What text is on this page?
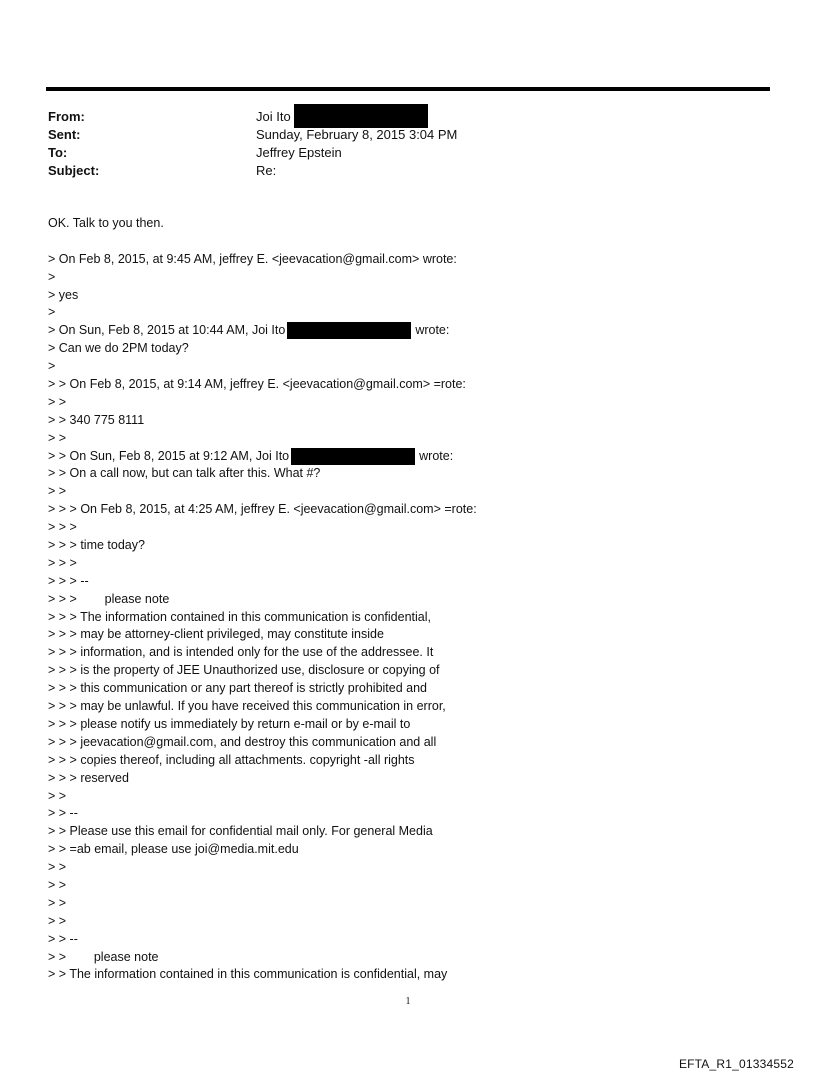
From:	Joi Ito
Sent:	Sunday, February 8, 2015 3:04 PM
To:	Jeffrey Epstein
Subject:	Re:
OK. Talk to you then.
> On Feb 8, 2015, at 9:45 AM, jeffrey E. <jeevacation@gmail.com> wrote:
>
> yes
>
> On Sun, Feb 8, 2015 at 10:44 AM, Joi Ito	wrote:
> Can we do 2PM today?
>
> > On Feb 8, 2015, at 9:14 AM, jeffrey E. <jeevacation@gmail.com> =rote:
> >
> > 340 775 8111
> >
> > On Sun, Feb 8, 2015 at 9:12 AM, Joi Ito	wrote:
> > On a call now, but can talk after this. What #?
> >
> > > On Feb 8, 2015, at 4:25 AM, jeffrey E. <jeevacation@gmail.com> =rote:
> > >
> > > time today?
> > >
> > > --
> > >        please note
> > > The information contained in this communication is confidential,
> > > may be attorney-client privileged, may constitute inside
> > > information, and is intended only for the use of the addressee. It
> > > is the property of JEE Unauthorized use, disclosure or copying of
> > > this communication or any part thereof is strictly prohibited and
> > > may be unlawful. If you have received this communication in error,
> > > please notify us immediately by return e-mail or by e-mail to
> > > jeevacation@gmail.com, and destroy this communication and all
> > > copies thereof, including all attachments. copyright -all rights
> > > reserved
> >
> > --
> > Please use this email for confidential mail only. For general Media
> > =ab email, please use joi@media.mit.edu
> >
> >
> >
> >
> > --
> >        please note
> > The information contained in this communication is confidential, may
1
EFTA_R1_01334552
